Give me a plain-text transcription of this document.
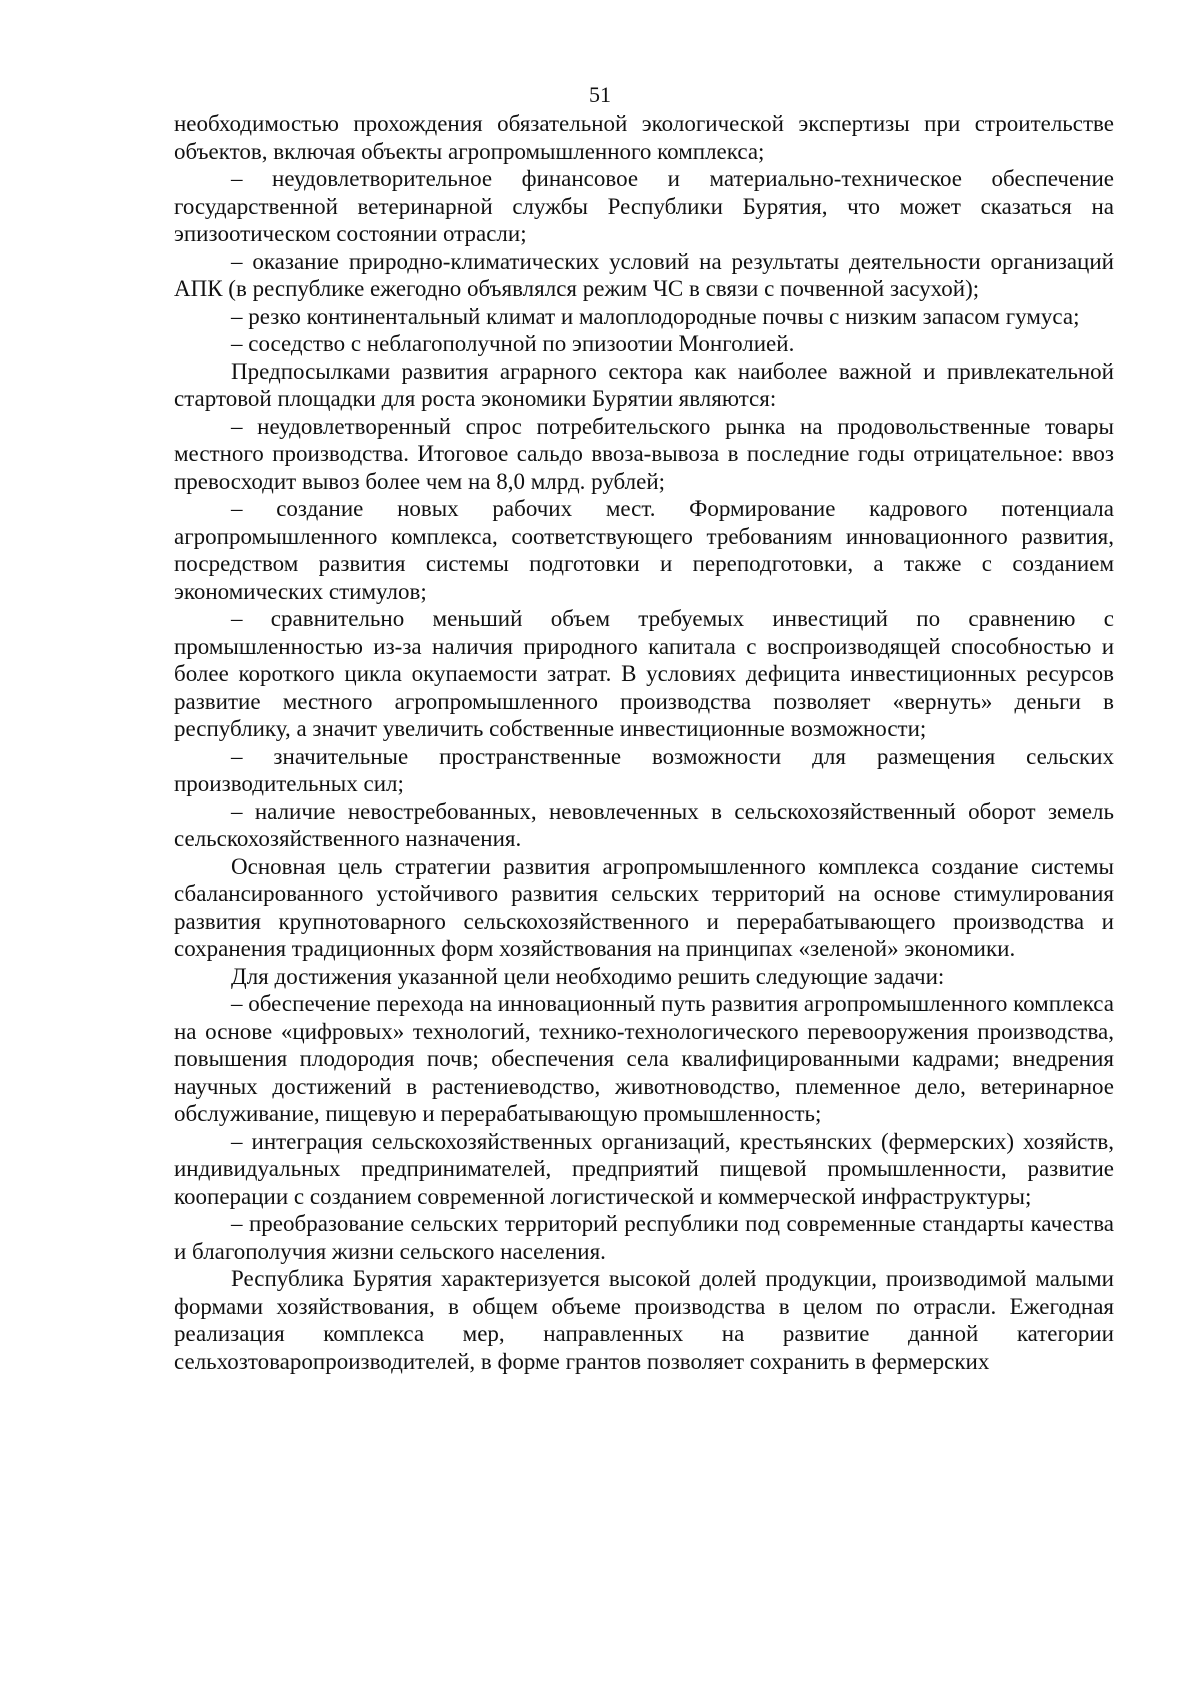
51

необходимостью прохождения обязательной экологической экспертизы при строительстве объектов, включая объекты агропромышленного комплекса;

– неудовлетворительное финансовое и материально-техническое обеспечение государственной ветеринарной службы Республики Бурятия, что может сказаться на эпизоотическом состоянии отрасли;

– оказание природно-климатических условий на результаты деятельности организаций АПК (в республике ежегодно объявлялся режим ЧС в связи с почвенной засухой);

– резко континентальный климат и малоплодородные почвы с низким запасом гумуса;

– соседство с неблагополучной по эпизоотии Монголией.

Предпосылками развития аграрного сектора как наиболее важной и привлекательной стартовой площадки для роста экономики Бурятии являются:

– неудовлетворенный спрос потребительского рынка на продовольственные товары местного производства. Итоговое сальдо ввоза-вывоза в последние годы отрицательное: ввоз превосходит вывоз более чем на 8,0 млрд. рублей;

– создание новых рабочих мест. Формирование кадрового потенциала агропромышленного комплекса, соответствующего требованиям инновационного развития, посредством развития системы подготовки и переподготовки, а также с созданием экономических стимулов;

– сравнительно меньший объем требуемых инвестиций по сравнению с промышленностью из-за наличия природного капитала с воспроизводящей способностью и более короткого цикла окупаемости затрат. В условиях дефицита инвестиционных ресурсов развитие местного агропромышленного производства позволяет «вернуть» деньги в республику, а значит увеличить собственные инвестиционные возможности;

– значительные пространственные возможности для размещения сельских производительных сил;

– наличие невостребованных, невовлеченных в сельскохозяйственный оборот земель сельскохозяйственного назначения.

Основная цель стратегии развития агропромышленного комплекса создание системы сбалансированного устойчивого развития сельских территорий на основе стимулирования развития крупнотоварного сельскохозяйственного и перерабатывающего производства и сохранения традиционных форм хозяйствования на принципах «зеленой» экономики.

Для достижения указанной цели необходимо решить следующие задачи:

– обеспечение перехода на инновационный путь развития агропромышленного комплекса на основе «цифровых» технологий, технико-технологического перевооружения производства, повышения плодородия почв; обеспечения села квалифицированными кадрами; внедрения научных достижений в растениеводство, животноводство, племенное дело, ветеринарное обслуживание, пищевую и перерабатывающую промышленность;

– интеграция сельскохозяйственных организаций, крестьянских (фермерских) хозяйств, индивидуальных предпринимателей, предприятий пищевой промышленности, развитие кооперации с созданием современной логистической и коммерческой инфраструктуры;

– преобразование сельских территорий республики под современные стандарты качества и благополучия жизни сельского населения.

Республика Бурятия характеризуется высокой долей продукции, производимой малыми формами хозяйствования, в общем объеме производства в целом по отрасли. Ежегодная реализация комплекса мер, направленных на развитие данной категории сельхозтоваропроизводителей, в форме грантов позволяет сохранить в фермерских
